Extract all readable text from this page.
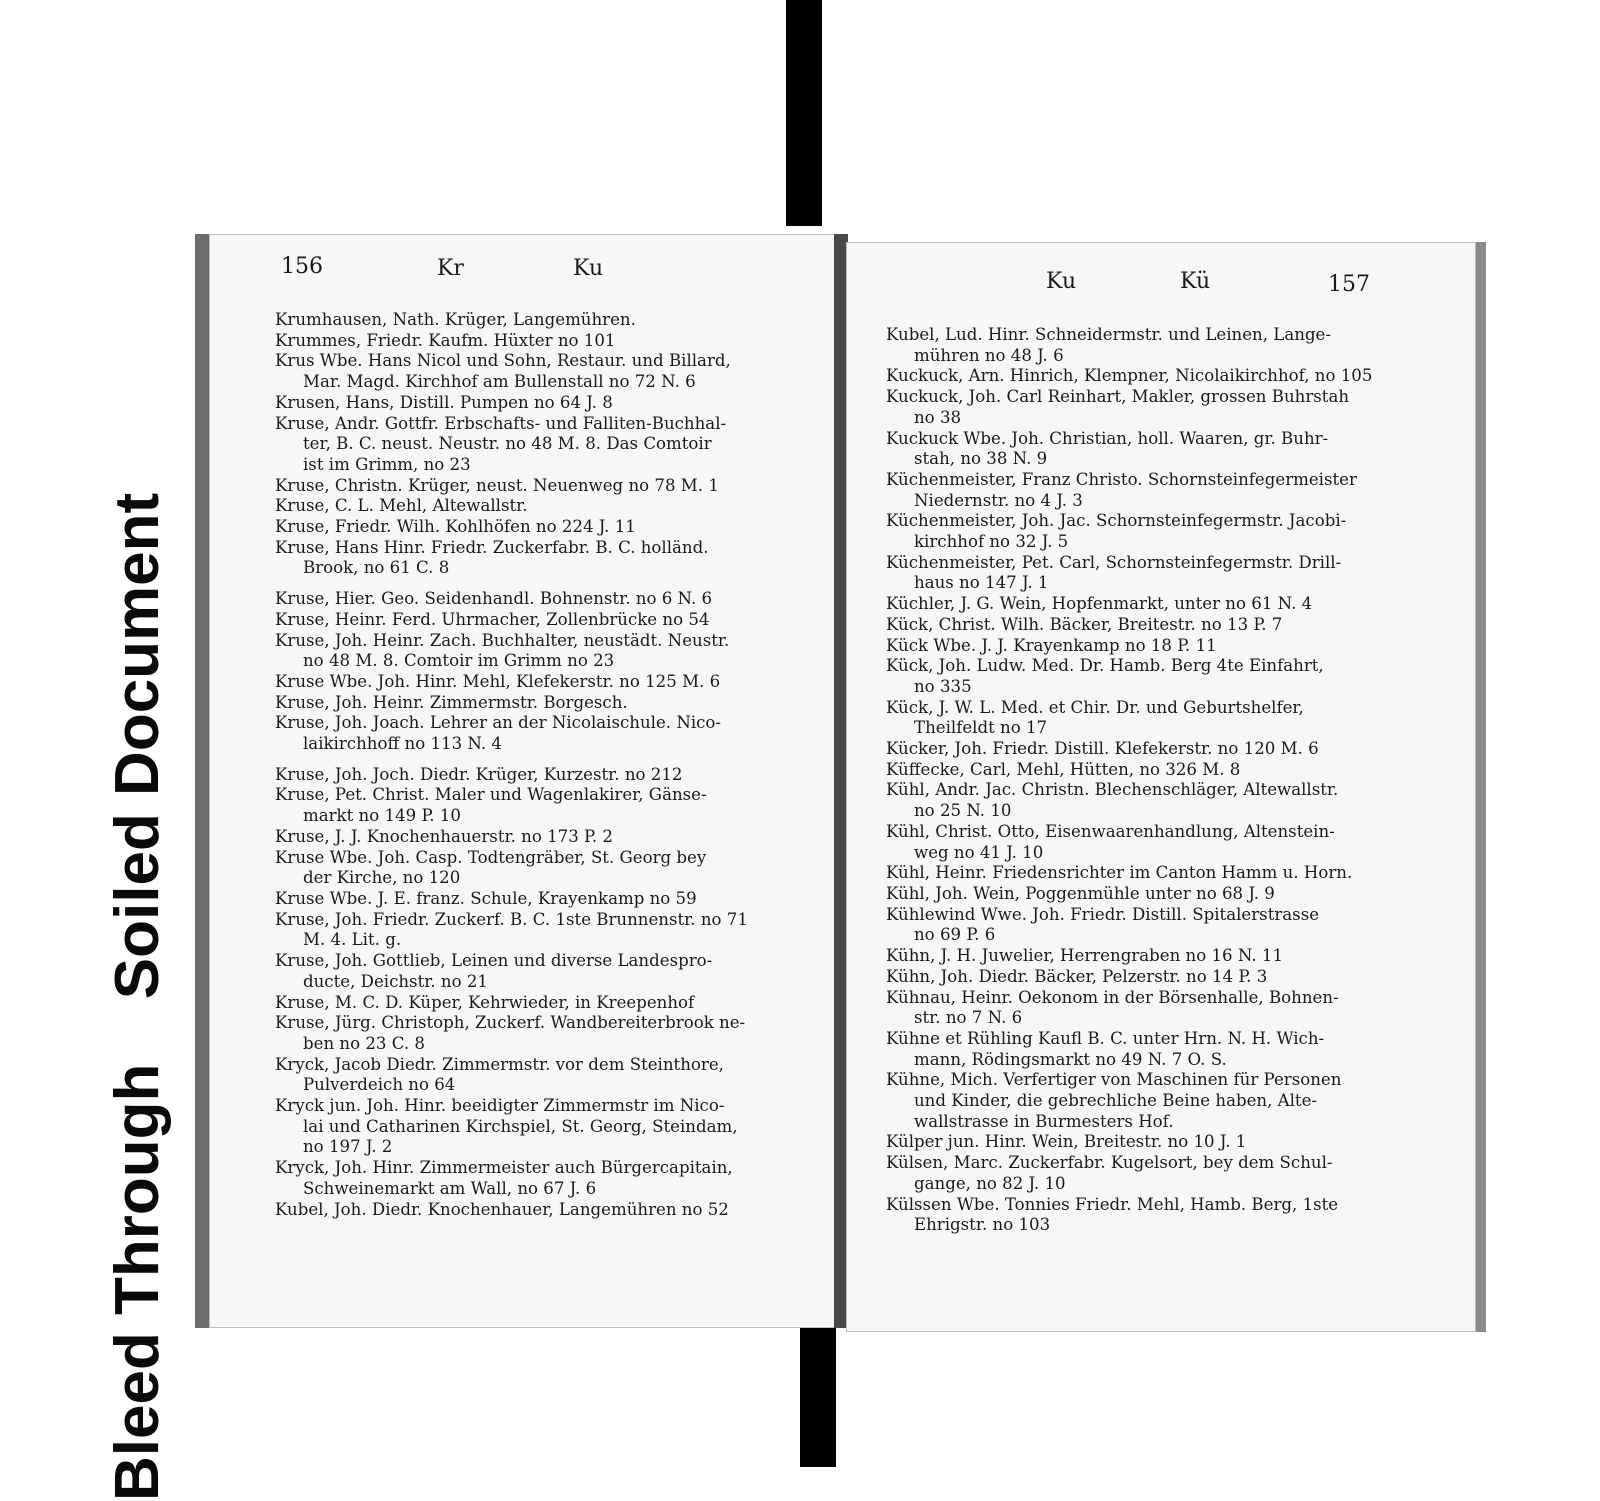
Soiled Document
Bleed Through
156	Kr	Ku
Krumhausen, Nath. Krüger, Langemühren.
Krummes, Friedr. Kaufm. Hüxter no 101
Krus Wbe. Hans Nicol und Sohn, Restaur. und Billard,
Mar. Magd. Kirchhof am Bullenstall no 72 N. 6
Krusen, Hans, Distill. Pumpen no 64 J. 8
Kruse, Andr. Gottfr. Erbschafts- und Falliten-Buchhal-
ter, B. C. neust. Neustr. no 48 M. 8. Das Comtoir
ist im Grimm, no 23
Kruse, Christn. Krüger, neust. Neuenweg no 78 M. 1
Kruse, C. L. Mehl, Altewallstr.
Kruse, Friedr. Wilh. Kohlhöfen no 224 J. 11
Kruse, Hans Hinr. Friedr. Zuckerfabr. B. C. holländ.
Brook, no 61 C. 8
Kruse, Hier. Geo. Seidenhandl. Bohnenstr. no 6 N. 6
Kruse, Heinr. Ferd. Uhrmacher, Zollenbrücke no 54
Kruse, Joh. Heinr. Zach. Buchhalter, neustädt. Neustr.
no 48 M. 8. Comtoir im Grimm no 23
Kruse Wbe. Joh. Hinr. Mehl, Klefekerstr. no 125 M. 6
Kruse, Joh. Heinr. Zimmermstr. Borgesch.
Kruse, Joh. Joach. Lehrer an der Nicolaischule. Nico-
laikirchhoff no 113 N. 4
Kruse, Joh. Joch. Diedr. Krüger, Kurzestr. no 212
Kruse, Pet. Christ. Maler und Wagenlakirer, Gänse-
markt no 149 P. 10
Kruse, J. J. Knochenhauerstr. no 173 P. 2
Kruse Wbe. Joh. Casp. Todtengräber, St. Georg bey
der Kirche, no 120
Kruse Wbe. J. E. franz. Schule, Krayenkamp no 59
Kruse, Joh. Friedr. Zuckerf. B. C. 1ste Brunnenstr. no 71
M. 4. Lit. g.
Kruse, Joh. Gottlieb, Leinen und diverse Landespro-
ducte, Deichstr. no 21
Kruse, M. C. D. Küper, Kehrwieder, in Kreepenhof
Kruse, Jürg. Christoph, Zuckerf. Wandbereiterbrook ne-
ben no 23 C. 8
Kryck, Jacob Diedr. Zimmermstr. vor dem Steinthore,
Pulverdeich no 64
Kryck jun. Joh. Hinr. beeidigter Zimmermstr im Nico-
lai und Catharinen Kirchspiel, St. Georg, Steindam,
no 197 J. 2
Kryck, Joh. Hinr. Zimmermeister auch Bürgercapitain,
Schweinemarkt am Wall, no 67 J. 6
Kubel, Joh. Diedr. Knochenhauer, Langemühren no 52
Ku	Kü	157
Kubel, Lud. Hinr. Schneidermstr. und Leinen, Lange-
mühren no 48 J. 6
Kuckuck, Arn. Hinrich, Klempner, Nicolaikirchhof, no 105
Kuckuck, Joh. Carl Reinhart, Makler, grossen Buhrstah
no 38
Kuckuck Wbe. Joh. Christian, holl. Waaren, gr. Buhr-
stah, no 38 N. 9
Küchenmeister, Franz Christo. Schornsteinfegermeister
Niedernstr. no 4 J. 3
Küchenmeister, Joh. Jac. Schornsteinfegermstr. Jacobi-
kirchhof no 32 J. 5
Küchenmeister, Pet. Carl, Schornsteinfegermstr. Drill-
haus no 147 J. 1
Küchler, J. G. Wein, Hopfenmarkt, unter no 61 N. 4
Kück, Christ. Wilh. Bäcker, Breitestr. no 13 P. 7
Kück Wbe. J. J. Krayenkamp no 18 P. 11
Kück, Joh. Ludw. Med. Dr. Hamb. Berg 4te Einfahrt,
no 335
Kück, J. W. L. Med. et Chir. Dr. und Geburtshelfer,
Theilfeldt no 17
Kücker, Joh. Friedr. Distill. Klefekerstr. no 120 M. 6
Küffecke, Carl, Mehl, Hütten, no 326 M. 8
Kühl, Andr. Jac. Christn. Blechenschläger, Altewallstr.
no 25 N. 10
Kühl, Christ. Otto, Eisenwaarenhandlung, Altenstein-
weg no 41 J. 10
Kühl, Heinr. Friedensrichter im Canton Hamm u. Horn.
Kühl, Joh. Wein, Poggenmühle unter no 68 J. 9
Kühlewind Wwe. Joh. Friedr. Distill. Spitalerstrasse
no 69 P. 6
Kühn, J. H. Juwelier, Herrengraben no 16 N. 11
Kühn, Joh. Diedr. Bäcker, Pelzerstr. no 14 P. 3
Kühnau, Heinr. Oekonom in der Börsenhalle, Bohnen-
str. no 7 N. 6
Kühne et Rühling Kaufl B. C. unter Hrn. N. H. Wich-
mann, Rödingsmarkt no 49 N. 7 O. S.
Kühne, Mich. Verfertiger von Maschinen für Personen
und Kinder, die gebrechliche Beine haben, Alte-
wallstrasse in Burmesters Hof.
Külper jun. Hinr. Wein, Breitestr. no 10 J. 1
Külsen, Marc. Zuckerfabr. Kugelsort, bey dem Schul-
gange, no 82 J. 10
Külssen Wbe. Tonnies Friedr. Mehl, Hamb. Berg, 1ste
Ehrigstr. no 103
